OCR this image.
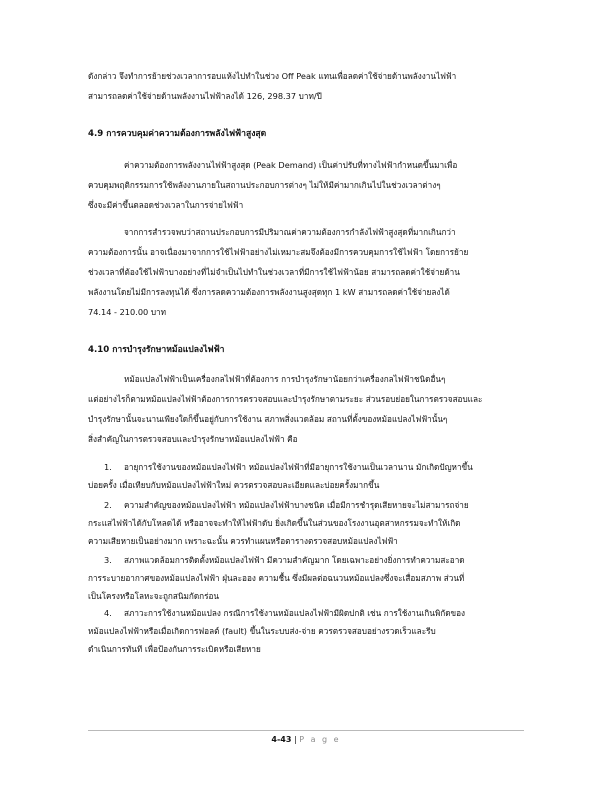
ดังกล่าว จึงทำการย้ายช่วงเวลาการอบแห้งไปทำในช่วง Off Peak แทนเพื่อลดค่าใช้จ่ายด้านพลังงานไฟฟ้า

สามารถลดค่าใช้จ่ายด้านพลังงานไฟฟ้าลงได้ 126, 298.37 บาท/ปี

4.9 การควบคุมค่าความต้องการพลังไฟฟ้าสูงสุด

ค่าความต้องการพลังงานไฟฟ้าสูงสุด (Peak Demand) เป็นค่าปรับที่ทางไฟฟ้ากำหนดขึ้นมาเพื่อ

ควบคุมพฤติกรรมการใช้พลังงานภายในสถานประกอบการต่างๆ ไม่ให้มีค่ามากเกินไปในช่วงเวลาต่างๆ

ซึ่งจะมีค่าขึ้นตลอดช่วงเวลาในการจ่ายไฟฟ้า

จากการสำรวจพบว่าสถานประกอบการมีปริมาณค่าความต้องการกำลังไฟฟ้าสูงสุดที่มากเกินกว่า

ความต้องการนั้น อาจเนื่องมาจากการใช้ไฟฟ้าอย่างไม่เหมาะสมจึงต้องมีการควบคุมการใช้ไฟฟ้า โดยการย้าย

ช่วงเวลาที่ต้องใช้ไฟฟ้าบางอย่างที่ไม่จำเป็นไปทำในช่วงเวลาที่มีการใช้ไฟฟ้าน้อย สามารถลดค่าใช้จ่ายด้าน

พลังงานโดยไม่มีการลงทุนได้ ซึ่งการลดความต้องการพลังงานสูงสุดทุก 1 kW สามารถลดค่าใช้จ่ายลงได้

74.14 - 210.00 บาท

4.10 การบำรุงรักษาหม้อแปลงไฟฟ้า

หม้อแปลงไฟฟ้าเป็นเครื่องกลไฟฟ้าที่ต้องการ การบำรุงรักษาน้อยกว่าเครื่องกลไฟฟ้าชนิดอื่นๆ

แต่อย่างไรก็ตามหม้อแปลงไฟฟ้าต้องการการตรวจสอบและบำรุงรักษาตามระยะ ส่วนรอบย่อยในการตรวจสอบและ

บำรุงรักษานั้นจะนานเพียงใดก็ขึ้นอยู่กับการใช้งาน สภาพสิ่งแวดล้อม สถานที่ตั้งของหม้อแปลงไฟฟ้านั้นๆ

สิ่งสำคัญในการตรวจสอบและบำรุงรักษาหม้อแปลงไฟฟ้า คือ

1. อายุการใช้งานของหม้อแปลงไฟฟ้า หม้อแปลงไฟฟ้าที่มีอายุการใช้งานเป็นเวลานาน มักเกิดปัญหาขึ้น

บ่อยครั้ง เมื่อเทียบกับหม้อแปลงไฟฟ้าใหม่ ควรตรวจสอบละเอียดและบ่อยครั้งมากขึ้น

2. ความสำคัญของหม้อแปลงไฟฟ้า หม้อแปลงไฟฟ้าบางชนิด เมื่อมีการชำรุดเสียหายจะไม่สามารถจ่าย

กระแสไฟฟ้าได้กับโหลดได้ หรืออาจจะทำให้ไฟฟ้าดับ ยิ่งเกิดขึ้นในส่วนของโรงงานอุตสาหกรรมจะทำให้เกิด

ความเสียหายเป็นอย่างมาก เพราะฉะนั้น ควรทำแผนหรือตารางตรวจสอบหม้อแปลงไฟฟ้า

3. สภาพแวดล้อมการติดตั้งหม้อแปลงไฟฟ้า มีความสำคัญมาก โดยเฉพาะอย่างยิ่งการทำความสะอาด

การระบายอากาศของหม้อแปลงไฟฟ้า ฝุ่นละออง ความชื้น ซึ่งมีผลต่อฉนวนหม้อแปลงซึ่งจะเสื่อมสภาพ ส่วนที่

เป็นโครงหรือโลหะจะถูกสนิมกัดกร่อน

4. สภาวะการใช้งานหม้อแปลง กรณีการใช้งานหม้อแปลงไฟฟ้ามีผิดปกติ เช่น การใช้งานเกินพิกัดของ

หม้อแปลงไฟฟ้าหรือเมื่อเกิดการฟอลต์ (fault) ขึ้นในระบบส่ง-จ่าย ควรตรวจสอบอย่างรวดเร็วและรีบ

ดำเนินการทันที เพื่อป้องกันการระเบิดหรือเสียหาย

4-43 | P a g e
